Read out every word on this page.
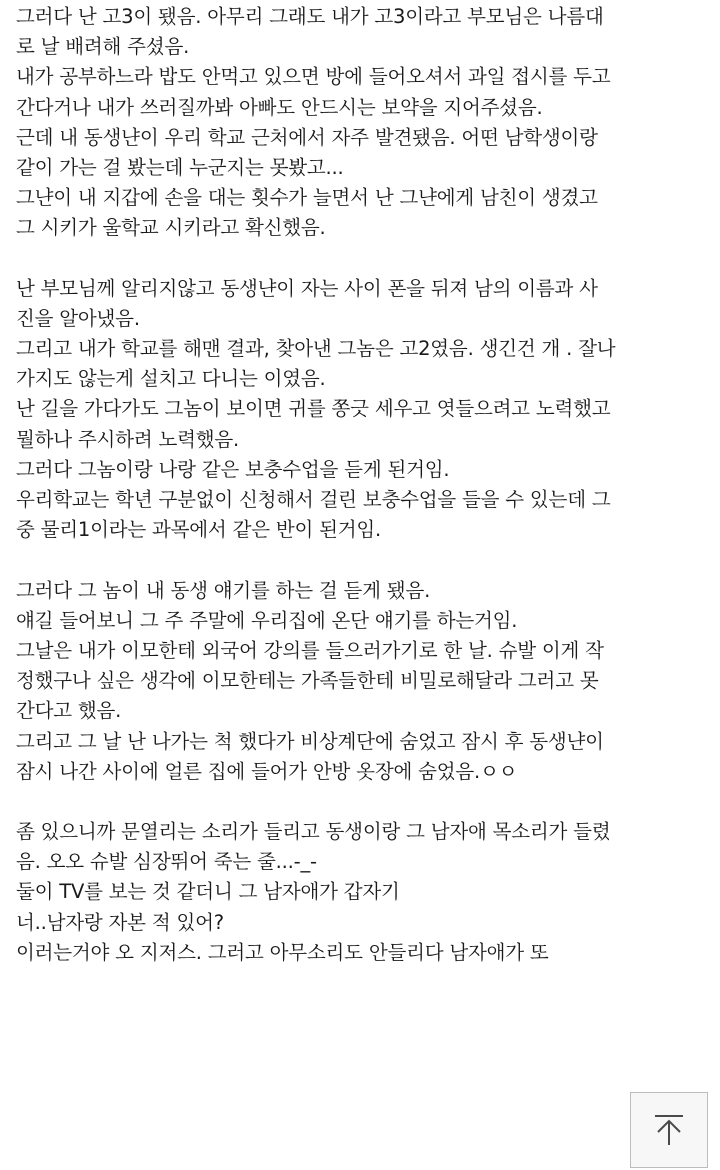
그러다 난 고3이 됐음. 아무리 그래도 내가 고3이라고 부모님은 나름대
로 날 배려해 주셨음.
내가 공부하느라 밥도 안먹고 있으면 방에 들어오셔서 과일 접시를 두고
간다거나 내가 쓰러질까봐 아빠도 안드시는 보약을 지어주셨음.
근데 내 동생냔이 우리 학교 근처에서 자주 발견됐음. 어떤 남학생이랑
같이 가는 걸 봤는데 누군지는 못봤고...
그냔이 내 지갑에 손을 대는 횟수가 늘면서 난 그냔에게 남친이 생겼고
그 시키가 울학교 시키라고 확신했음.
난 부모님께 알리지않고 동생냔이 자는 사이 폰을 뒤져 남의 이름과 사
진을 알아냈음.
그리고 내가 학교를 해맨 결과, 찾아낸 그놈은 고2였음. 생긴건 개 . 잘나
가지도 않는게 설치고 다니는 이였음.
난 길을 가다가도 그놈이 보이면 귀를 쫑긋 세우고 엿들으려고 노력했고
뭘하나 주시하려 노력했음.
그러다 그놈이랑 나랑 같은 보충수업을 듣게 된거임.
우리학교는 학년 구분없이 신청해서 걸린 보충수업을 들을 수 있는데 그
중 물리1이라는 과목에서 같은 반이 된거임.
그러다 그 놈이 내 동생 얘기를 하는 걸 듣게 됐음.
얘길 들어보니 그 주 주말에 우리집에 온단 얘기를 하는거임.
그날은 내가 이모한테 외국어 강의를 들으러가기로 한 날. 슈발 이게 작
정했구나 싶은 생각에 이모한테는 가족들한테 비밀로해달라 그러고 못
간다고 했음.
그리고 그 날 난 나가는 척 했다가 비상계단에 숨었고 잠시 후 동생냔이
잠시 나간 사이에 얼른 집에 들어가 안방 옷장에 숨었음.ㅇㅇ
좀 있으니까 문열리는 소리가 들리고 동생이랑 그 남자애 목소리가 들렸
음. 오오 슈발 심장뛰어 죽는 줄...-_-
둘이 TV를 보는 것 같더니 그 남자애가 갑자기
너..남자랑 자본 적 있어?
이러는거야 오 지저스. 그러고 아무소리도 안들리다 남자애가 또
